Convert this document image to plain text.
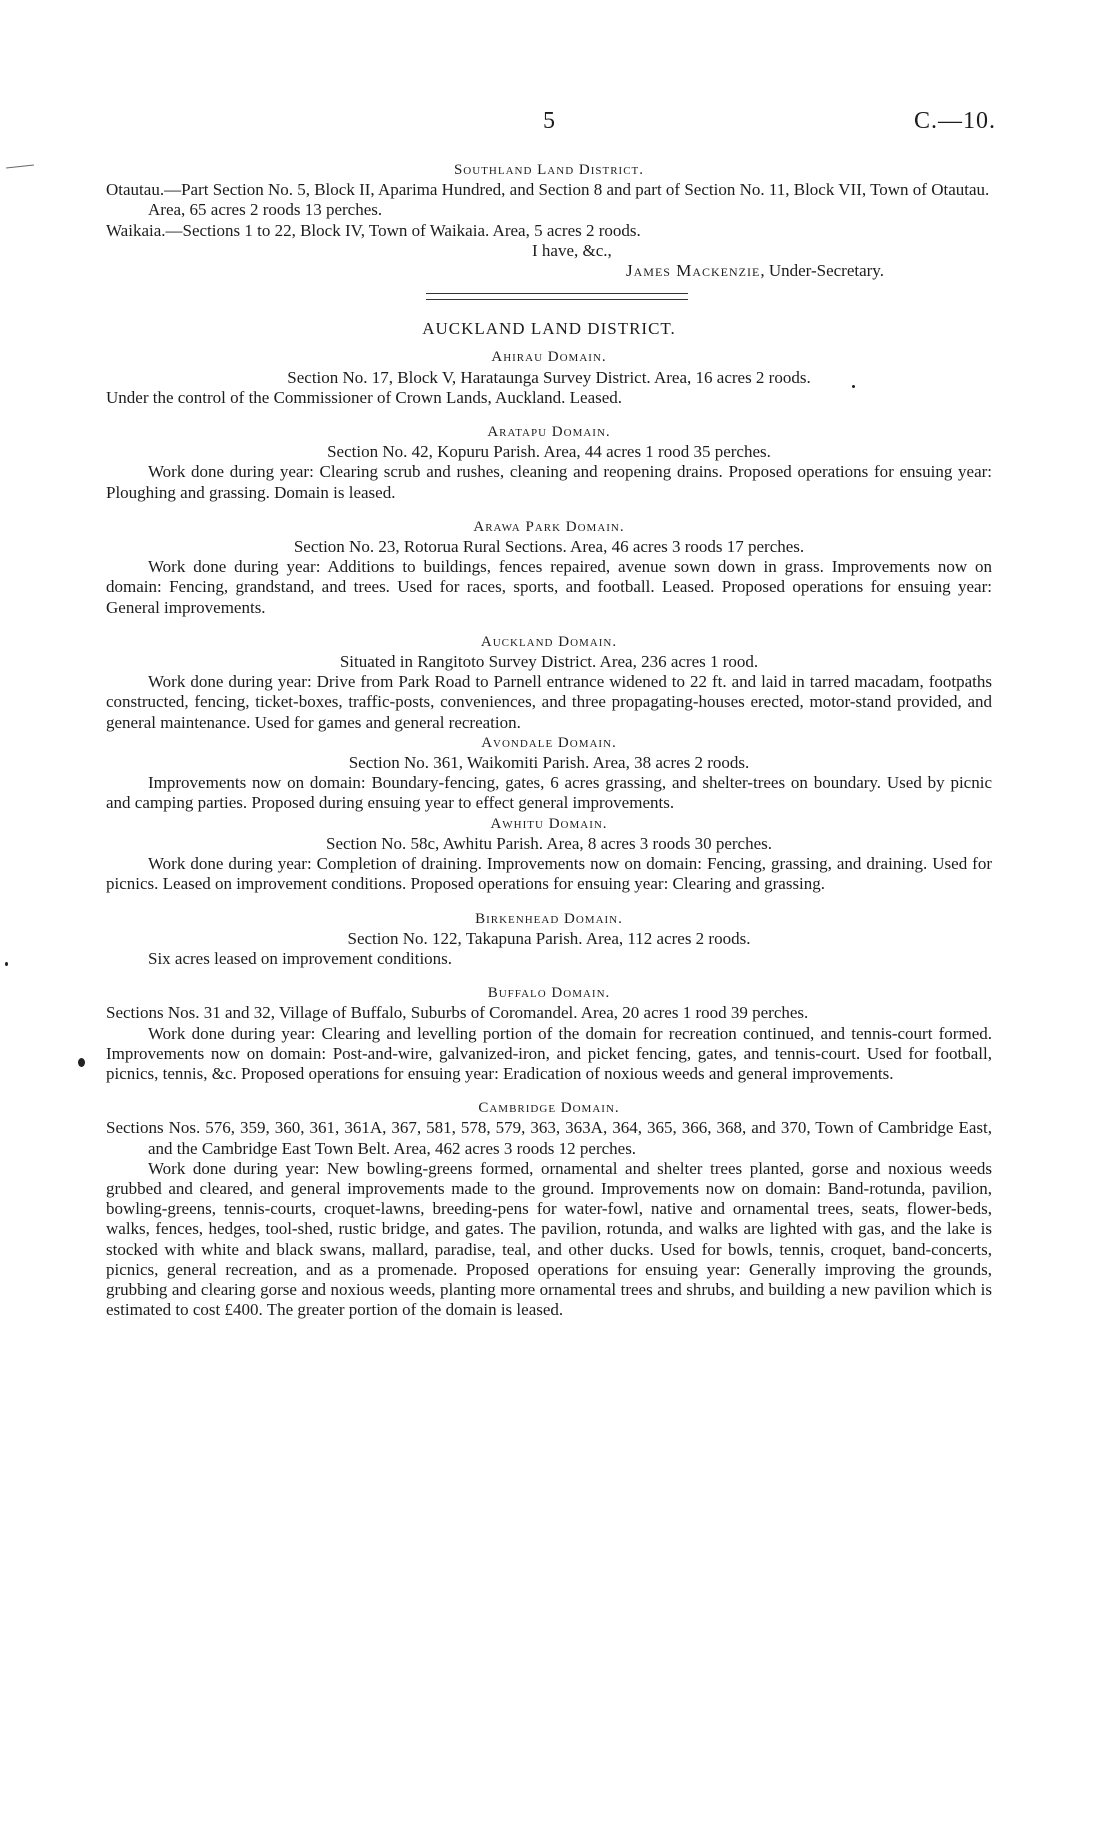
5	C.—10.

Southland Land District.

Otautau.—Part Section No. 5, Block II, Aparima Hundred, and Section 8 and part of Section No. 11, Block VII, Town of Otautau. Area, 65 acres 2 roods 13 perches.

Waikaia.—Sections 1 to 22, Block IV, Town of Waikaia. Area, 5 acres 2 roods.

I have, &c.,

James Mackenzie, Under-Secretary.

AUCKLAND LAND DISTRICT.

Ahirau Domain.

Section No. 17, Block V, Harataunga Survey District. Area, 16 acres 2 roods.

Under the control of the Commissioner of Crown Lands, Auckland. Leased.

Aratapu Domain.

Section No. 42, Kopuru Parish. Area, 44 acres 1 rood 35 perches.

Work done during year: Clearing scrub and rushes, cleaning and reopening drains. Proposed operations for ensuing year: Ploughing and grassing. Domain is leased.

Arawa Park Domain.

Section No. 23, Rotorua Rural Sections. Area, 46 acres 3 roods 17 perches.

Work done during year: Additions to buildings, fences repaired, avenue sown down in grass. Improvements now on domain: Fencing, grandstand, and trees. Used for races, sports, and football. Leased. Proposed operations for ensuing year: General improvements.

Auckland Domain.

Situated in Rangitoto Survey District. Area, 236 acres 1 rood.

Work done during year: Drive from Park Road to Parnell entrance widened to 22 ft. and laid in tarred macadam, footpaths constructed, fencing, ticket-boxes, traffic-posts, conveniences, and three propagating-houses erected, motor-stand provided, and general maintenance. Used for games and general recreation.

Avondale Domain.

Section No. 361, Waikomiti Parish. Area, 38 acres 2 roods.

Improvements now on domain: Boundary-fencing, gates, 6 acres grassing, and shelter-trees on boundary. Used by picnic and camping parties. Proposed during ensuing year to effect general improvements.

Awhitu Domain.

Section No. 58c, Awhitu Parish. Area, 8 acres 3 roods 30 perches.

Work done during year: Completion of draining. Improvements now on domain: Fencing, grassing, and draining. Used for picnics. Leased on improvement conditions. Proposed operations for ensuing year: Clearing and grassing.

Birkenhead Domain.

Section No. 122, Takapuna Parish. Area, 112 acres 2 roods.

Six acres leased on improvement conditions.

Buffalo Domain.

Sections Nos. 31 and 32, Village of Buffalo, Suburbs of Coromandel. Area, 20 acres 1 rood 39 perches.

Work done during year: Clearing and levelling portion of the domain for recreation continued, and tennis-court formed. Improvements now on domain: Post-and-wire, galvanized-iron, and picket fencing, gates, and tennis-court. Used for football, picnics, tennis, &c. Proposed operations for ensuing year: Eradication of noxious weeds and general improvements.

Cambridge Domain.

Sections Nos. 576, 359, 360, 361, 361A, 367, 581, 578, 579, 363, 363A, 364, 365, 366, 368, and 370, Town of Cambridge East, and the Cambridge East Town Belt. Area, 462 acres 3 roods 12 perches.

Work done during year: New bowling-greens formed, ornamental and shelter trees planted, gorse and noxious weeds grubbed and cleared, and general improvements made to the ground. Improvements now on domain: Band-rotunda, pavilion, bowling-greens, tennis-courts, croquet-lawns, breeding-pens for water-fowl, native and ornamental trees, seats, flower-beds, walks, fences, hedges, tool-shed, rustic bridge, and gates. The pavilion, rotunda, and walks are lighted with gas, and the lake is stocked with white and black swans, mallard, paradise, teal, and other ducks. Used for bowls, tennis, croquet, band-concerts, picnics, general recreation, and as a promenade. Proposed operations for ensuing year: Generally improving the grounds, grubbing and clearing gorse and noxious weeds, planting more ornamental trees and shrubs, and building a new pavilion which is estimated to cost £400. The greater portion of the domain is leased.
